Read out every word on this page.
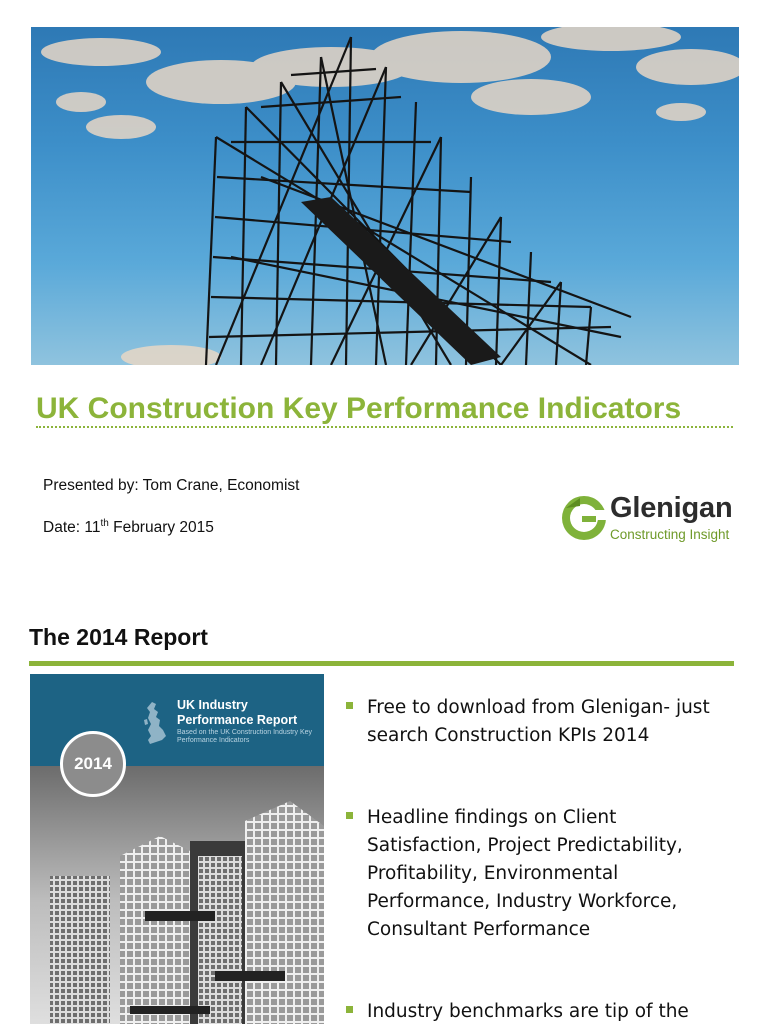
UK Construction Key Performance Indicators
Presented by: Tom Crane, Economist
Date: 11th February 2015
Glenigan
Constructing Insight
The 2014 Report
UK Industry Performance Report
Based on the UK Construction Industry Key Performance Indicators
2014
Free to download from Glenigan- just search Construction KPIs 2014
Headline findings on Client Satisfaction, Project Predictability, Profitability, Environmental Performance, Industry Workforce, Consultant Performance
Industry benchmarks are tip of the
